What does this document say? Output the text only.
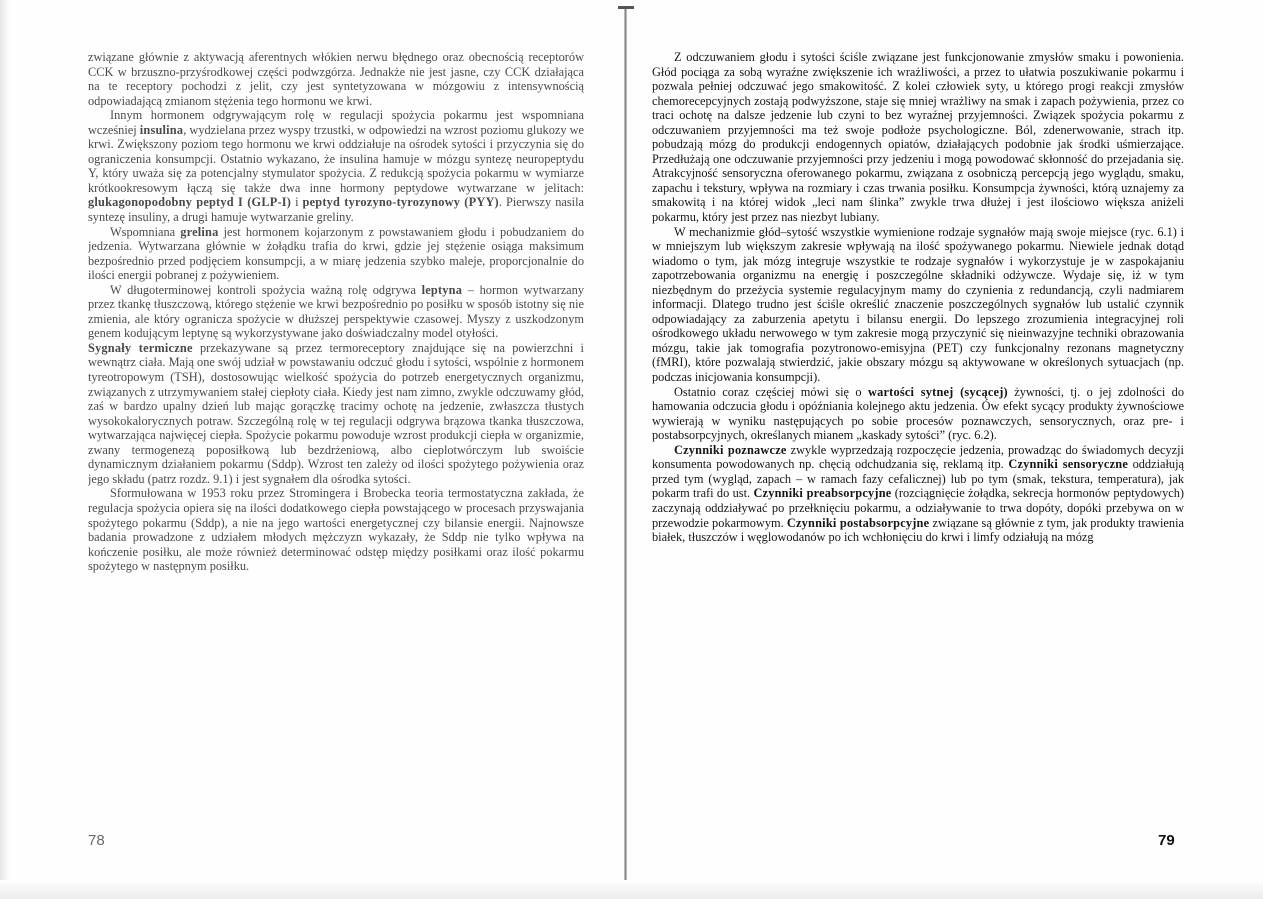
związane głównie z aktywacją aferentnych włókien nerwu błędnego oraz obecnością receptorów CCK w brzuszno-przyśrodkowej części podwzgórza. Jednakże nie jest jasne, czy CCK działająca na te receptory pochodzi z jelit, czy jest syntetyzowana w mózgowiu z intensywnością odpowiadającą zmianom stężenia tego hormonu we krwi.

Innym hormonem odgrywającym rolę w regulacji spożycia pokarmu jest wspomniana wcześniej insulina, wydzielana przez wyspy trzustki, w odpowiedzi na wzrost poziomu glukozy we krwi. Zwiększony poziom tego hormonu we krwi oddziałuje na ośrodek sytości i przyczynia się do ograniczenia konsumpcji. Ostatnio wykazano, że insulina hamuje w mózgu syntezę neuropeptydu Y, który uważa się za potencjalny stymulator spożycia. Z redukcją spożycia pokarmu w wymiarze krótkookresowym łączą się także dwa inne hormony peptydowe wytwarzane w jelitach: glukagonopodobny peptyd I (GLP-I) i peptyd tyrozyno-tyrozynowy (PYY). Pierwszy nasila syntezę insuliny, a drugi hamuje wytwarzanie greliny.

Wspomniana grelina jest hormonem kojarzonym z powstawaniem głodu i pobudzaniem do jedzenia. Wytwarzana głównie w żołądku trafia do krwi, gdzie jej stężenie osiąga maksimum bezpośrednio przed podjęciem konsumpcji, a w miarę jedzenia szybko maleje, proporcjonalnie do ilości energii pobranej z pożywieniem.

W długoterminowej kontroli spożycia ważną rolę odgrywa leptyna – hormon wytwarzany przez tkankę tłuszczową, którego stężenie we krwi bezpośrednio po posiłku w sposób istotny się nie zmienia, ale który ogranicza spożycie w dłuższej perspektywie czasowej. Myszy z uszkodzonym genem kodującym leptynę są wykorzystywane jako doświadczalny model otyłości.

Sygnały termiczne przekazywane są przez termoreceptory znajdujące się na powierzchni i wewnątrz ciała. Mają one swój udział w powstawaniu odczuć głodu i sytości, wspólnie z hormonem tyreotropowym (TSH), dostosowując wielkość spożycia do potrzeb energetycznych organizmu, związanych z utrzymywaniem stałej ciepłoty ciała. Kiedy jest nam zimno, zwykle odczuwamy głód, zaś w bardzo upalny dzień lub mając gorączkę tracimy ochotę na jedzenie, zwłaszcza tłustych wysokokalorycznych potraw. Szczególną rolę w tej regulacji odgrywa brązowa tkanka tłuszczowa, wytwarzająca najwięcej ciepła. Spożycie pokarmu powoduje wzrost produkcji ciepła w organizmie, zwany termogenezą poposiłkową lub bezdrżeniową, albo cieplotwórczym lub swoiście dynamicznym działaniem pokarmu (Sddp). Wzrost ten zależy od ilości spożytego pożywienia oraz jego składu (patrz rozdz. 9.1) i jest sygnałem dla ośrodka sytości.

Sformułowana w 1953 roku przez Stromingera i Brobecka teoria termostatyczna zakłada, że regulacja spożycia opiera się na ilości dodatkowego ciepła powstającego w procesach przyswajania spożytego pokarmu (Sddp), a nie na jego wartości energetycznej czy bilansie energii. Najnowsze badania prowadzone z udziałem młodych mężczyzn wykazały, że Sddp nie tylko wpływa na kończenie posiłku, ale może również determinować odstęp między posiłkami oraz ilość pokarmu spożytego w następnym posiłku.

78

Z odczuwaniem głodu i sytości ściśle związane jest funkcjonowanie zmysłów smaku i powonienia. Głód pociąga za sobą wyraźne zwiększenie ich wrażliwości, a przez to ułatwia poszukiwanie pokarmu i pozwala pełniej odczuwać jego smakowitość. Z kolei człowiek syty, u którego progi reakcji zmysłów chemorecepcyjnych zostają podwyższone, staje się mniej wrażliwy na smak i zapach pożywienia, przez co traci ochotę na dalsze jedzenie lub czyni to bez wyraźnej przyjemności. Związek spożycia pokarmu z odczuwaniem przyjemności ma też swoje podłoże psychologiczne. Ból, zdenerwowanie, strach itp. pobudzają mózg do produkcji endogennych opiatów, działających podobnie jak środki uśmierzające. Przedłużają one odczuwanie przyjemności przy jedzeniu i mogą powodować skłonność do przejadania się. Atrakcyjność sensoryczna oferowanego pokarmu, związana z osobniczą percepcją jego wyglądu, smaku, zapachu i tekstury, wpływa na rozmiary i czas trwania posiłku. Konsumpcja żywności, którą uznajemy za smakowitą i na której widok „leci nam ślinka” zwykle trwa dłużej i jest ilościowo większa aniżeli pokarmu, który jest przez nas niezbyt lubiany.

W mechanizmie głód–sytość wszystkie wymienione rodzaje sygnałów mają swoje miejsce (ryc. 6.1) i w mniejszym lub większym zakresie wpływają na ilość spożywanego pokarmu. Niewiele jednak dotąd wiadomo o tym, jak mózg integruje wszystkie te rodzaje sygnałów i wykorzystuje je w zaspokajaniu zapotrzebowania organizmu na energię i poszczególne składniki odżywcze. Wydaje się, iż w tym niezbędnym do przeżycia systemie regulacyjnym mamy do czynienia z redundancją, czyli nadmiarem informacji. Dlatego trudno jest ściśle określić znaczenie poszczególnych sygnałów lub ustalić czynnik odpowiadający za zaburzenia apetytu i bilansu energii. Do lepszego zrozumienia integracyjnej roli ośrodkowego układu nerwowego w tym zakresie mogą przyczynić się nieinwazyjne techniki obrazowania mózgu, takie jak tomografia pozytronowo-emisyjna (PET) czy funkcjonalny rezonans magnetyczny (fMRI), które pozwalają stwierdzić, jakie obszary mózgu są aktywowane w określonych sytuacjach (np. podczas inicjowania konsumpcji).

Ostatnio coraz częściej mówi się o wartości sytnej (sycącej) żywności, tj. o jej zdolności do hamowania odczucia głodu i opóźniania kolejnego aktu jedzenia. Ów efekt sycący produkty żywnościowe wywierają w wyniku następujących po sobie procesów poznawczych, sensorycznych, oraz pre- i postabsorpcyjnych, określanych mianem „kaskady sytości” (ryc. 6.2).

Czynniki poznawcze zwykle wyprzedzają rozpoczęcie jedzenia, prowadząc do świadomych decyzji konsumenta powodowanych np. chęcią odchudzania się, reklamą itp. Czynniki sensoryczne oddziałują przed tym (wygląd, zapach – w ramach fazy cefalicznej) lub po tym (smak, tekstura, temperatura), jak pokarm trafi do ust. Czynniki preabsorpcyjne (rozciągnięcie żołądka, sekrecja hormonów peptydowych) zaczynają oddziaływać po przełknięciu pokarmu, a odziaływanie to trwa dopóty, dopóki przebywa on w przewodzie pokarmowym. Czynniki postabsorpcyjne związane są głównie z tym, jak produkty trawienia białek, tłuszczów i węglowodanów po ich wchłonięciu do krwi i limfy odziałują na mózg

79
